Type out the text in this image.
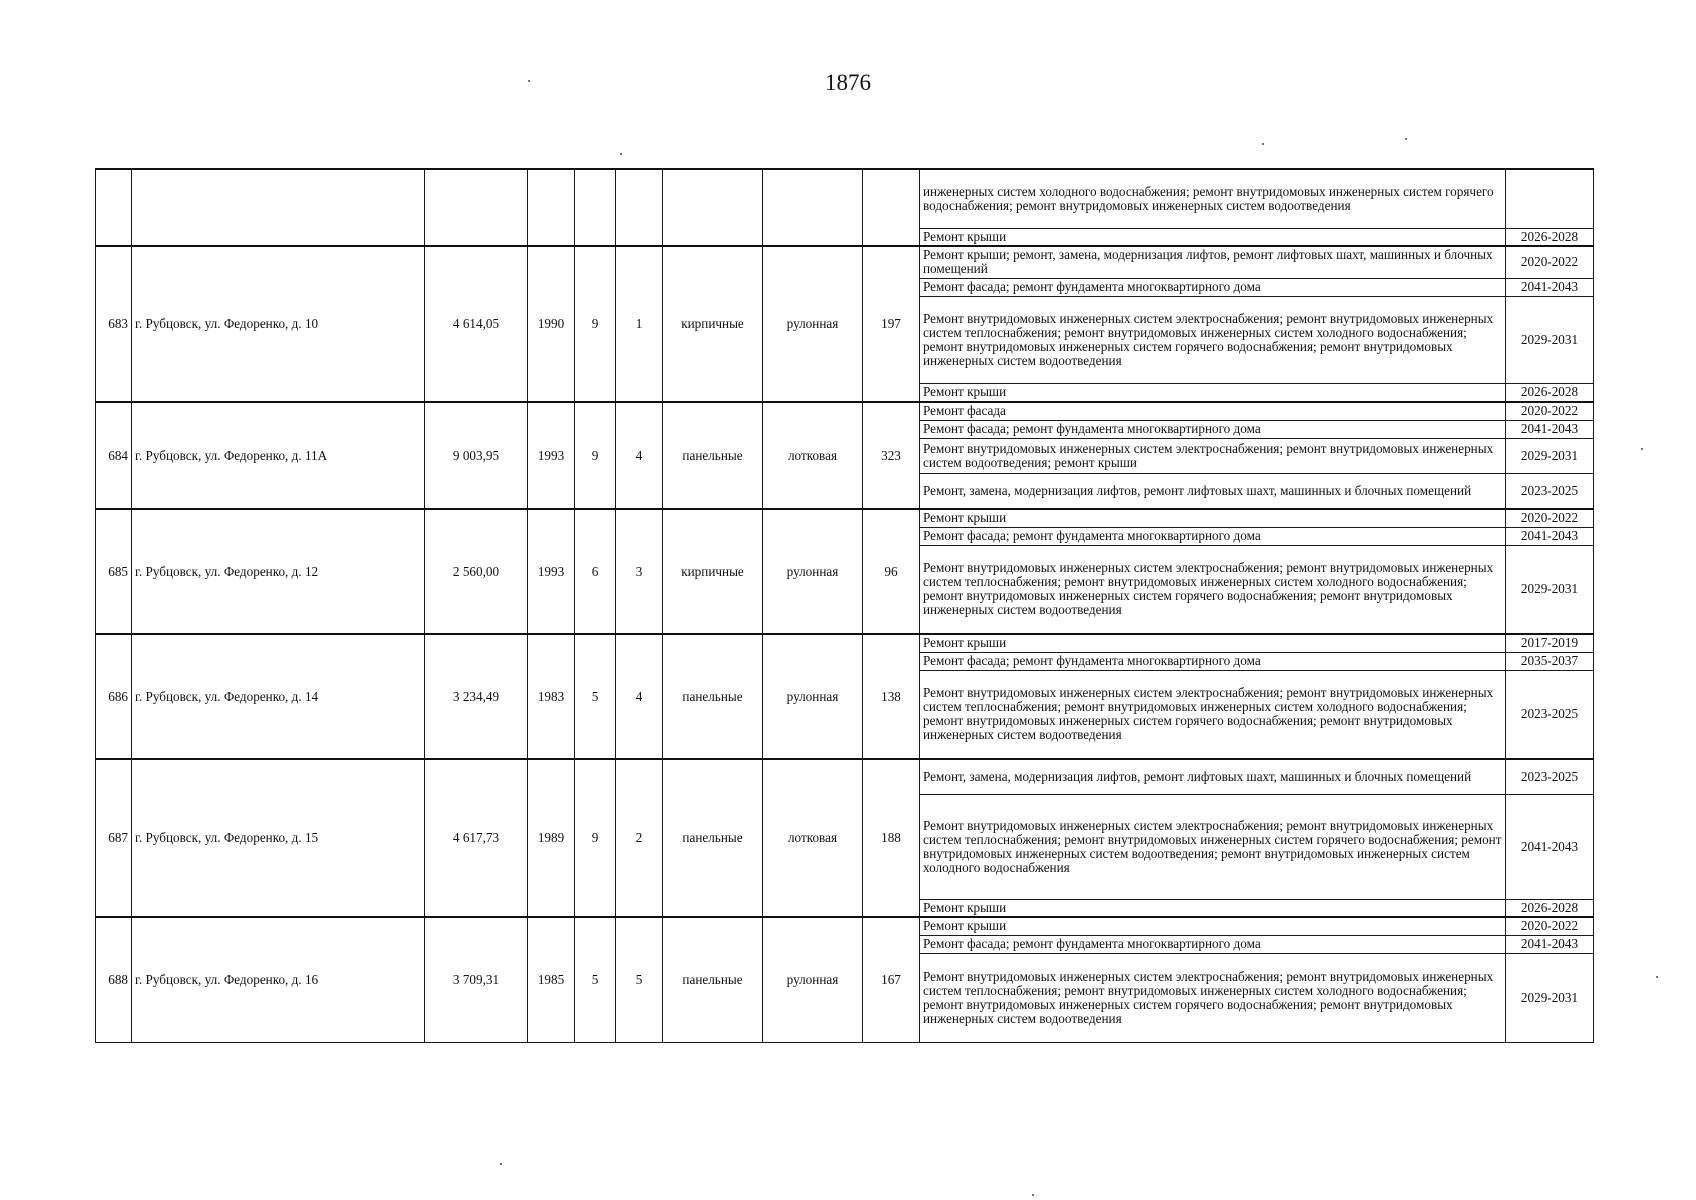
1876
									инженерных систем холодного водоснабжения; ремонт внутридомовых инженерных систем горячего водоснабжения; ремонт внутридомовых инженерных систем водоотведения	
									Ремонт крыши	2026-2028
683	г. Рубцовск, ул. Федоренко, д. 10	4 614,05	1990	9	1	кирпичные	рулонная	197	Ремонт крыши; ремонт, замена, модернизация лифтов, ремонт лифтовых шахт, машинных и блочных помещений	2020-2022
									Ремонт фасада; ремонт фундамента многоквартирного дома	2041-2043
									Ремонт внутридомовых инженерных систем электроснабжения; ремонт внутридомовых инженерных систем теплоснабжения; ремонт внутридомовых инженерных систем холодного водоснабжения; ремонт внутридомовых инженерных систем горячего водоснабжения; ремонт внутридомовых инженерных систем водоотведения	2029-2031
									Ремонт крыши	2026-2028
684	г. Рубцовск, ул. Федоренко, д. 11А	9 003,95	1993	9	4	панельные	лотковая	323	Ремонт фасада	2020-2022
									Ремонт фасада; ремонт фундамента многоквартирного дома	2041-2043
									Ремонт внутридомовых инженерных систем электроснабжения; ремонт внутридомовых инженерных систем водоотведения; ремонт крыши	2029-2031
									Ремонт, замена, модернизация лифтов, ремонт лифтовых шахт, машинных и блочных помещений	2023-2025
685	г. Рубцовск, ул. Федоренко, д. 12	2 560,00	1993	6	3	кирпичные	рулонная	96	Ремонт крыши	2020-2022
									Ремонт фасада; ремонт фундамента многоквартирного дома	2041-2043
									Ремонт внутридомовых инженерных систем электроснабжения; ремонт внутридомовых инженерных систем теплоснабжения; ремонт внутридомовых инженерных систем холодного водоснабжения; ремонт внутридомовых инженерных систем горячего водоснабжения; ремонт внутридомовых инженерных систем водоотведения	2029-2031
686	г. Рубцовск, ул. Федоренко, д. 14	3 234,49	1983	5	4	панельные	рулонная	138	Ремонт крыши	2017-2019
									Ремонт фасада; ремонт фундамента многоквартирного дома	2035-2037
									Ремонт внутридомовых инженерных систем электроснабжения; ремонт внутридомовых инженерных систем теплоснабжения; ремонт внутридомовых инженерных систем холодного водоснабжения; ремонт внутридомовых инженерных систем горячего водоснабжения; ремонт внутридомовых инженерных систем водоотведения	2023-2025
687	г. Рубцовск, ул. Федоренко, д. 15	4 617,73	1989	9	2	панельные	лотковая	188	Ремонт, замена, модернизация лифтов, ремонт лифтовых шахт, машинных и блочных помещений	2023-2025
									Ремонт внутридомовых инженерных систем электроснабжения; ремонт внутридомовых инженерных систем теплоснабжения; ремонт внутридомовых инженерных систем горячего водоснабжения; ремонт внутридомовых инженерных систем водоотведения; ремонт внутридомовых инженерных систем холодного водоснабжения	2041-2043
									Ремонт крыши	2026-2028
688	г. Рубцовск, ул. Федоренко, д. 16	3 709,31	1985	5	5	панельные	рулонная	167	Ремонт крыши	2020-2022
									Ремонт фасада; ремонт фундамента многоквартирного дома	2041-2043
									Ремонт внутридомовых инженерных систем электроснабжения; ремонт внутридомовых инженерных систем теплоснабжения; ремонт внутридомовых инженерных систем холодного водоснабжения; ремонт внутридомовых инженерных систем горячего водоснабжения; ремонт внутридомовых инженерных систем водоотведения	2029-2031
